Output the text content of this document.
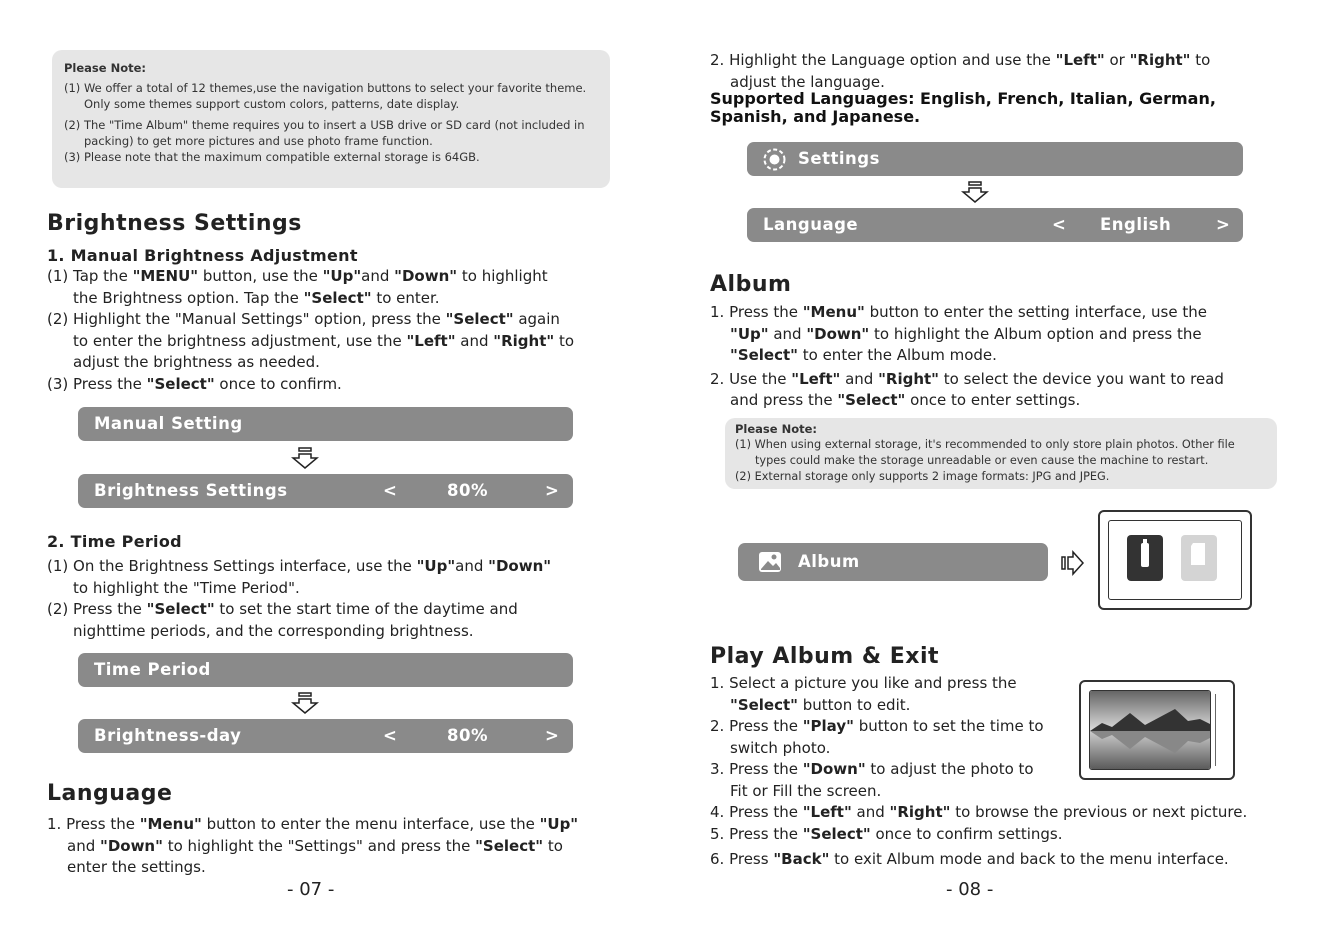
Please Note:
(1) We offer a total of 12 themes,use the navigation buttons to select your favorite theme. Only some themes support custom colors, patterns, date display.
(2) The "Time Album" theme requires you to insert a USB drive or SD card (not included in packing) to get more pictures and use photo frame function.
(3) Please note that the maximum compatible external storage is 64GB.
Brightness Settings
1. Manual Brightness Adjustment
(1) Tap the "MENU" button, use the "Up"and "Down" to highlight
the Brightness option. Tap the "Select" to enter.
(2) Highlight the "Manual Settings" option, press the "Select" again
to enter the brightness adjustment, use the "Left" and "Right" to
adjust the brightness as needed.
(3) Press the "Select" once to confirm.
Manual Setting
Brightness Settings	<	80%	>
2. Time Period
(1) On the Brightness Settings interface, use the "Up"and "Down"
to highlight the "Time Period".
(2) Press the "Select" to set the start time of the daytime and
nighttime periods, and the corresponding brightness.
Time Period
Brightness-day	<	80%	>
Language
1. Press the "Menu" button to enter the menu interface, use the "Up"
and "Down" to highlight the "Settings" and press the "Select" to
enter the settings.
- 07 -
2. Highlight the Language option and use the "Left" or "Right" to
adjust the language.
Supported Languages: English, French, Italian, German, Spanish, and Japanese.
Settings
Language	< English	>
Album
1. Press the "Menu" button to enter the setting interface, use the
"Up" and "Down" to highlight the Album option and press the
"Select" to enter the Album mode.
2. Use the "Left" and "Right" to select the device you want to read
and press the "Select" once to enter settings.
Please Note:
(1) When using external storage, it's recommended to only store plain photos. Other file types could make the storage unreadable or even cause the machine to restart.
(2) External storage only supports 2 image formats: JPG and JPEG.
Album
Play Album & Exit
1. Select a picture you like and press the
"Select" button to edit.
2. Press the "Play" button to set the time to
switch photo.
3. Press the "Down" to adjust the photo to
Fit or Fill the screen.
4. Press the "Left" and "Right" to browse the previous or next picture.
5. Press the "Select" once to confirm settings.
6. Press "Back" to exit Album mode and back to the menu interface.
- 08 -
